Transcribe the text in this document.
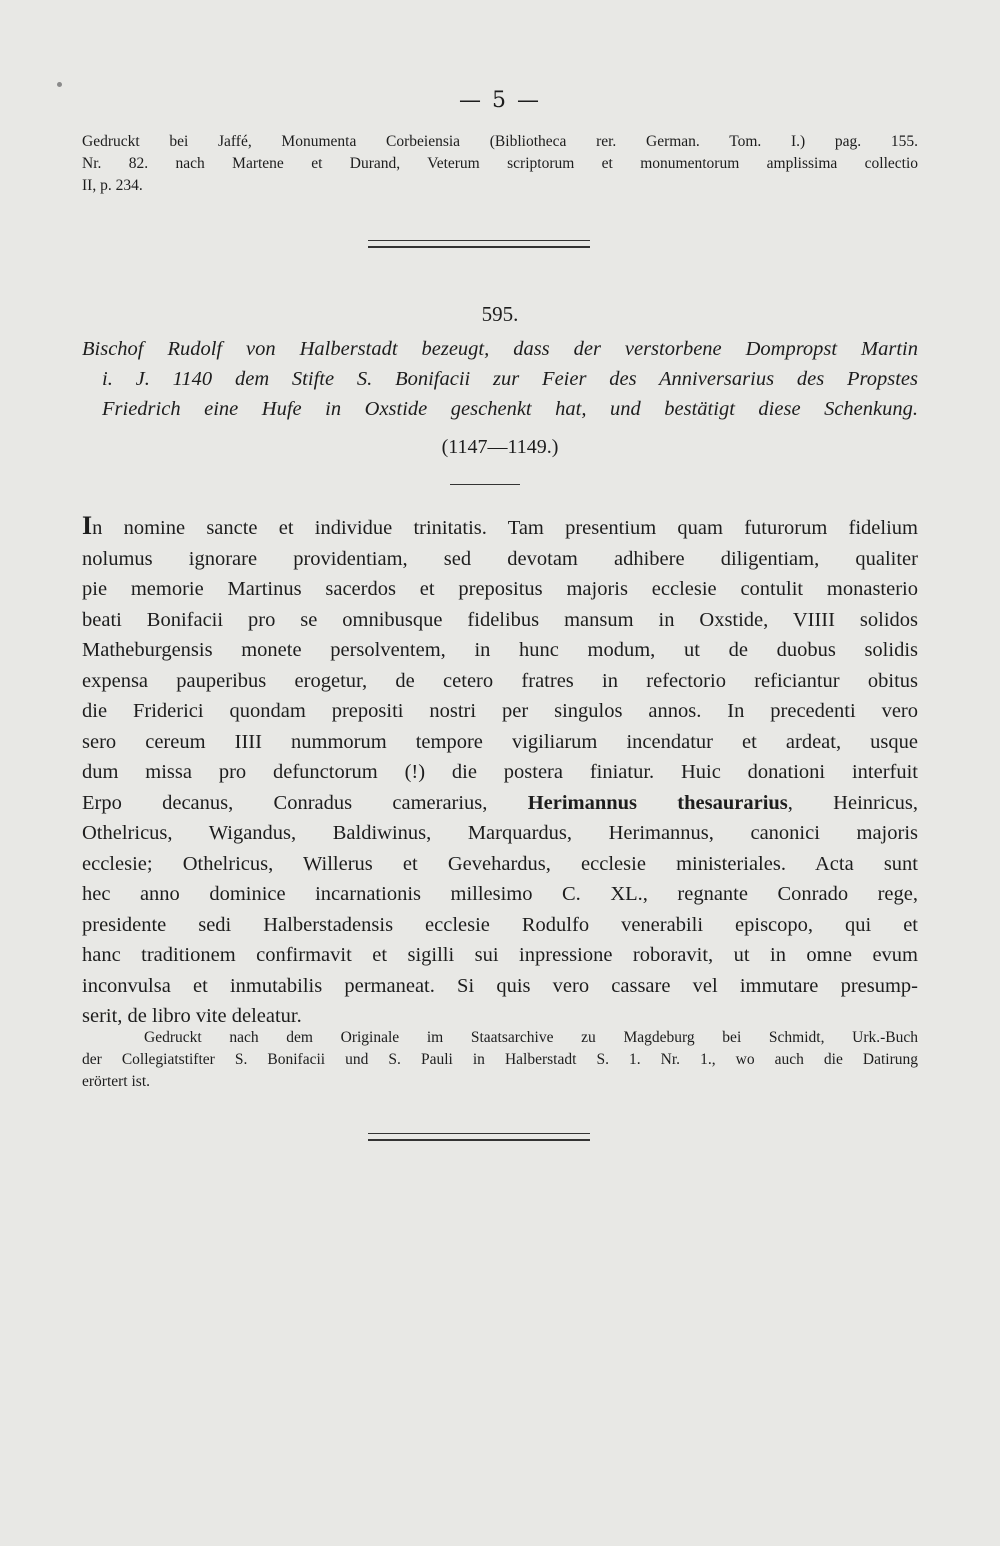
— 5 —

Gedruckt bei Jaffé, Monumenta Corbeiensia (Bibliotheca rer. German. Tom. I.) pag. 155.

Nr. 82. nach Martene et Durand, Veterum scriptorum et monumentorum amplissima collectio

II, p. 234.

595.
Bischof Rudolf von Halberstadt bezeugt, dass der verstorbene Dompropst Martin
i. J. 1140 dem Stifte S. Bonifacii zur Feier des Anniversarius des Propstes
Friedrich eine Hufe in Oxstide geschenkt hat, und bestätigt diese Schenkung.
(1147—1149.)

In nomine sancte et individue trinitatis. Tam presentium quam futurorum fidelium

nolumus ignorare providentiam, sed devotam adhibere diligentiam, qualiter

pie memorie Martinus sacerdos et prepositus majoris ecclesie contulit monasterio

beati Bonifacii pro se omnibusque fidelibus mansum in Oxstide, VIIII solidos

Matheburgensis monete persolventem, in hunc modum, ut de duobus solidis

expensa pauperibus erogetur, de cetero fratres in refectorio reficiantur obitus

die Friderici quondam prepositi nostri per singulos annos. In precedenti vero

sero cereum IIII nummorum tempore vigiliarum incendatur et ardeat, usque

dum missa pro defunctorum (!) die postera finiatur. Huic donationi interfuit

Erpo decanus, Conradus camerarius, Herimannus thesaurarius, Heinricus,

Othelricus, Wigandus, Baldiwinus, Marquardus, Herimannus, canonici majoris

ecclesie; Othelricus, Willerus et Gevehardus, ecclesie ministeriales. Acta sunt

hec anno dominice incarnationis millesimo C. XL., regnante Conrado rege,

presidente sedi Halberstadensis ecclesie Rodulfo venerabili episcopo, qui et

hanc traditionem confirmavit et sigilli sui inpressione roboravit, ut in omne evum

inconvulsa et inmutabilis permaneat. Si quis vero cassare vel immutare presump-

serit, de libro vite deleatur.

Gedruckt nach dem Originale im Staatsarchive zu Magdeburg bei Schmidt, Urk.-Buch

der Collegiatstifter S. Bonifacii und S. Pauli in Halberstadt S. 1. Nr. 1., wo auch die Datirung

erörtert ist.
